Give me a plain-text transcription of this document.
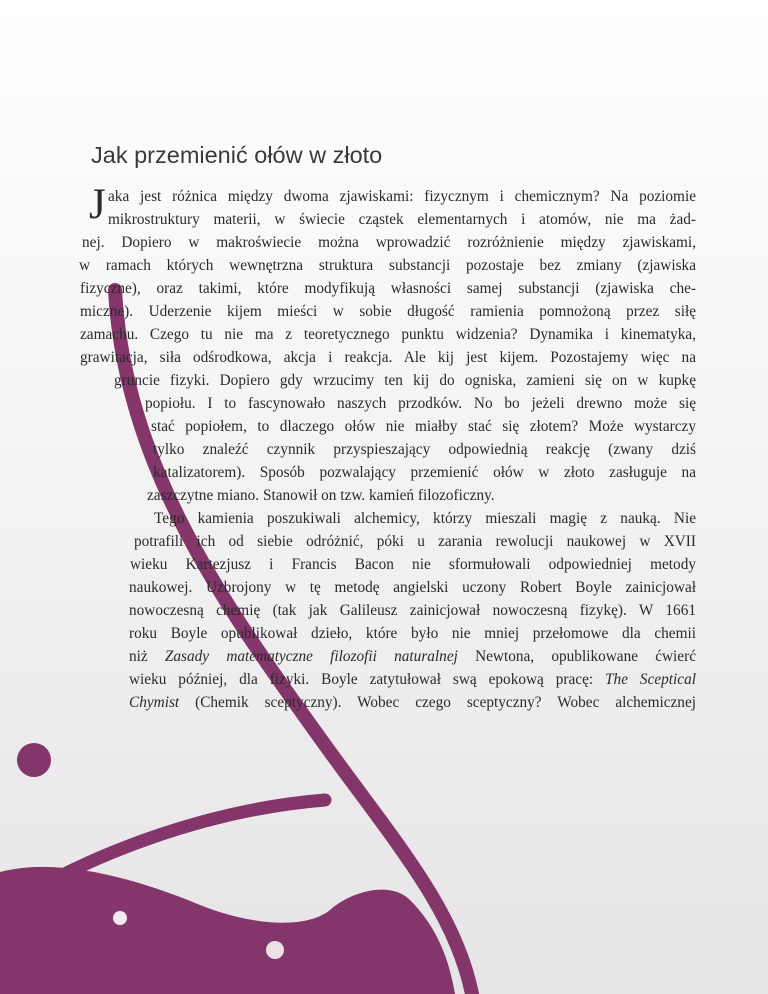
Jak przemienić ołów w złoto
J aka jest różnica między dwoma zjawiskami: fizycznym i chemicznym? Na poziomie
mikrostruktury materii, w świecie cząstek elementarnych i atomów, nie ma żad-
nej. Dopiero w makroświecie można wprowadzić rozróżnienie między zjawiskami,
w ramach których wewnętrzna struktura substancji pozostaje bez zmiany (zjawiska
fizyczne), oraz takimi, które modyfikują własności samej substancji (zjawiska che-
miczne). Uderzenie kijem mieści w sobie długość ramienia pomnożoną przez siłę
zamachu. Czego tu nie ma z teoretycznego punktu widzenia? Dynamika i kinematyka,
grawitacja, siła odśrodkowa, akcja i reakcja. Ale kij jest kijem. Pozostajemy więc na
gruncie fizyki. Dopiero gdy wrzucimy ten kij do ogniska, zamieni się on w kupkę
popiołu. I to fascynowało naszych przodków. No bo jeżeli drewno może się
stać popiołem, to dlaczego ołów nie miałby stać się złotem? Może wystarczy
tylko znaleźć czynnik przyspieszający odpowiednią reakcję (zwany dziś
katalizatorem). Sposób pozwalający przemienić ołów w złoto zasługuje na
zaszczytne miano. Stanowił on tzw. kamień filozoficzny.
Tego kamienia poszukiwali alchemicy, którzy mieszali magię z nauką. Nie
potrafili ich od siebie odróżnić, póki u zarania rewolucji naukowej w XVII
wieku Kartezjusz i Francis Bacon nie sformułowali odpowiedniej metody
naukowej. Uzbrojony w tę metodę angielski uczony Robert Boyle zainicjował
nowoczesną chemię (tak jak Galileusz zainicjował nowoczesną fizykę). W 1661
roku Boyle opublikował dzieło, które było nie mniej przełomowe dla chemii
niż Zasady matematyczne filozofii naturalnej Newtona, opublikowane ćwierć
wieku później, dla fizyki. Boyle zatytułował swą epokową pracę: The Sceptical
Chymist (Chemik sceptyczny). Wobec czego sceptyczny? Wobec alchemicznej
